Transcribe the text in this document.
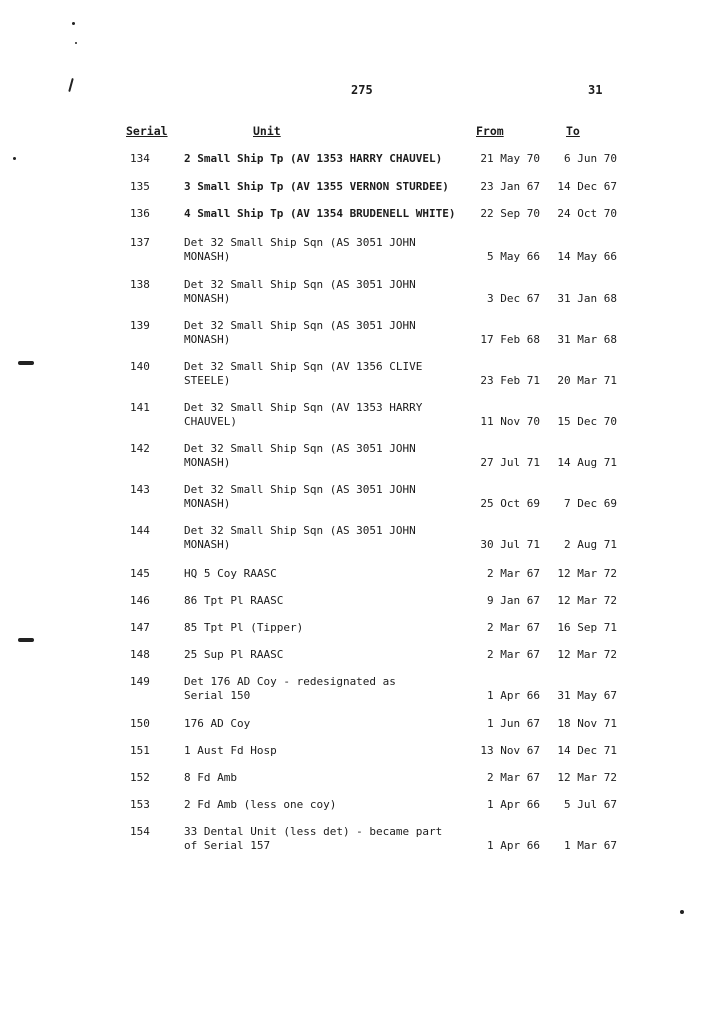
275	31
Serial	Unit	From	To
134	2 Small Ship Tp (AV 1353 HARRY CHAUVEL)	21 May 70 6 Jun 70
135	3 Small Ship Tp (AV 1355 VERNON STURDEE)	23 Jan 67 14 Dec 67
136	4 Small Ship Tp (AV 1354 BRUDENELL WHITE)	22 Sep 70 24 Oct 70
137	Det 32 Small Ship Sqn (AS 3051 JOHN
MONASH)	5 May 66 14 May 66
138	Det 32 Small Ship Sqn (AS 3051 JOHN
MONASH)	3 Dec 67 31 Jan 68
139	Det 32 Small Ship Sqn (AS 3051 JOHN
MONASH)	17 Feb 68 31 Mar 68
140	Det 32 Small Ship Sqn (AV 1356 CLIVE
STEELE)	23 Feb 71 20 Mar 71
141	Det 32 Small Ship Sqn (AV 1353 HARRY
CHAUVEL)	11 Nov 70 15 Dec 70
142	Det 32 Small Ship Sqn (AS 3051 JOHN
MONASH)	27 Jul 71 14 Aug 71
143	Det 32 Small Ship Sqn (AS 3051 JOHN
MONASH)	25 Oct 69 7 Dec 69
144	Det 32 Small Ship Sqn (AS 3051 JOHN
MONASH)	30 Jul 71 2 Aug 71
145	HQ 5 Coy RAASC	2 Mar 67 12 Mar 72
146	86 Tpt Pl RAASC	9 Jan 67 12 Mar 72
147	85 Tpt Pl (Tipper)	2 Mar 67 16 Sep 71
148	25 Sup Pl RAASC	2 Mar 67 12 Mar 72
149	Det 176 AD Coy - redesignated as
Serial 150	1 Apr 66 31 May 67
150	176 AD Coy	1 Jun 67 18 Nov 71
151	1 Aust Fd Hosp	13 Nov 67 14 Dec 71
152	8 Fd Amb	2 Mar 67 12 Mar 72
153	2 Fd Amb (less one coy)	1 Apr 66 5 Jul 67
154	33 Dental Unit (less det) - became part
of Serial 157	1 Apr 66 1 Mar 67
